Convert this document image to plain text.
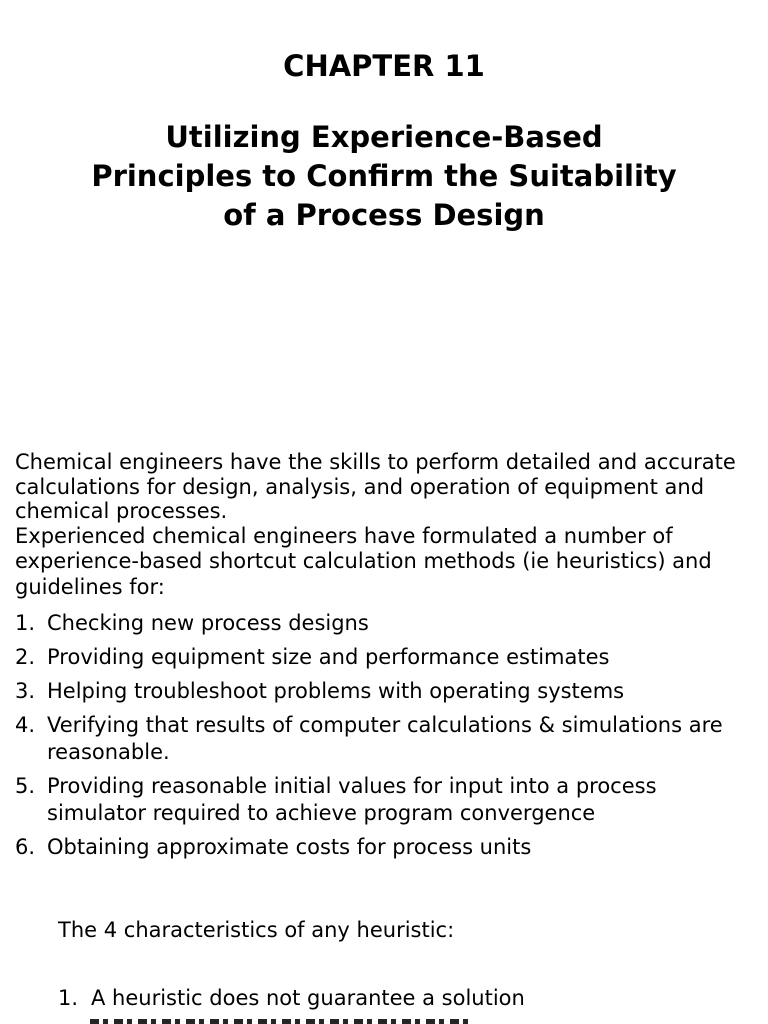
CHAPTER 11
Utilizing Experience-Based
Principles to Confirm the Suitability
of a Process Design

Chemical engineers have the skills to perform detailed and accurate calculations for design, analysis, and operation of equipment and chemical processes.

Experienced chemical engineers have formulated a number of experience-based shortcut calculation methods (ie heuristics) and guidelines for:

1. Checking new process designs
2. Providing equipment size and performance estimates
3. Helping troubleshoot problems with operating systems
4. Verifying that results of computer calculations & simulations are reasonable.
5. Providing reasonable initial values for input into a process simulator required to achieve program convergence
6. Obtaining approximate costs for process units

The 4 characteristics of any heuristic:

1. A heuristic does not guarantee a solution
